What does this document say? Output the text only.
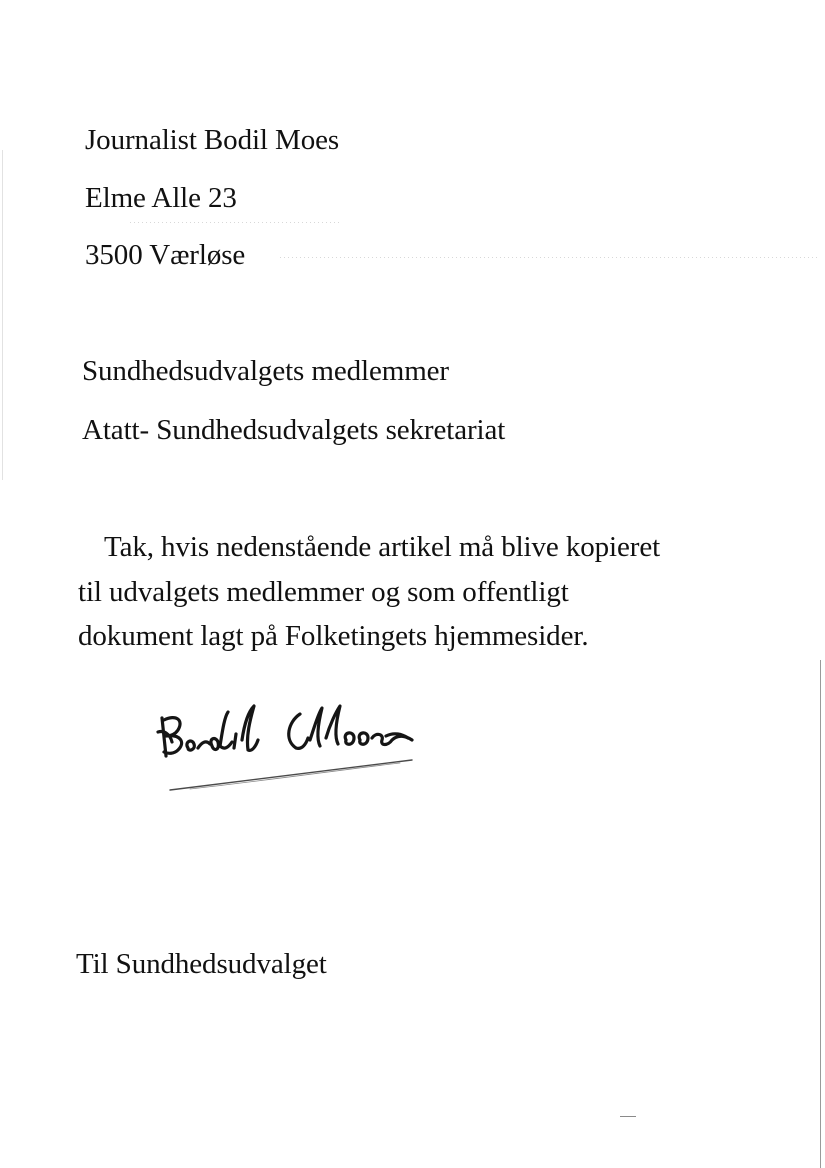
Journalist Bodil Moes
Elme Alle 23
3500 Værløse
Sundhedsudvalgets medlemmer
Atatt- Sundhedsudvalgets sekretariat
Tak, hvis nedenstående artikel må blive kopieret til udvalgets medlemmer og som offentligt dokument lagt på Folketingets hjemmesider.
Til Sundhedsudvalget
